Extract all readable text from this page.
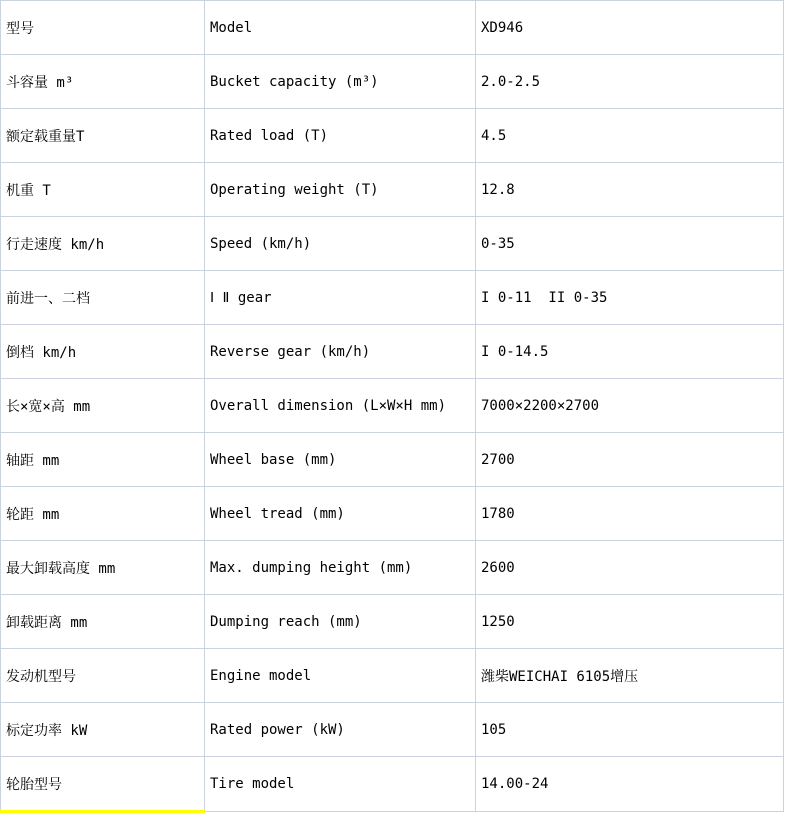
型号	Model	XD946
斗容量 m³	Bucket capacity (m³)	2.0-2.5
额定载重量T	Rated load (T)	4.5
机重 T	Operating weight (T)	12.8
行走速度 km/h	Speed (km/h)	0-35
前进一、二档	Ⅰ Ⅱ gear	I 0-11  II 0-35
倒档 km/h	Reverse gear (km/h)	I 0-14.5
长×宽×高 mm	Overall dimension (L×W×H mm)	7000×2200×2700
轴距 mm	Wheel base (mm)	2700
轮距 mm	Wheel tread (mm)	1780
最大卸载高度 mm	Max. dumping height (mm)	2600
卸载距离 mm	Dumping reach (mm)	1250
发动机型号	Engine model	潍柴WEICHAI 6105增压
标定功率 kW	Rated power (kW)	105
轮胎型号	Tire model	14.00-24
